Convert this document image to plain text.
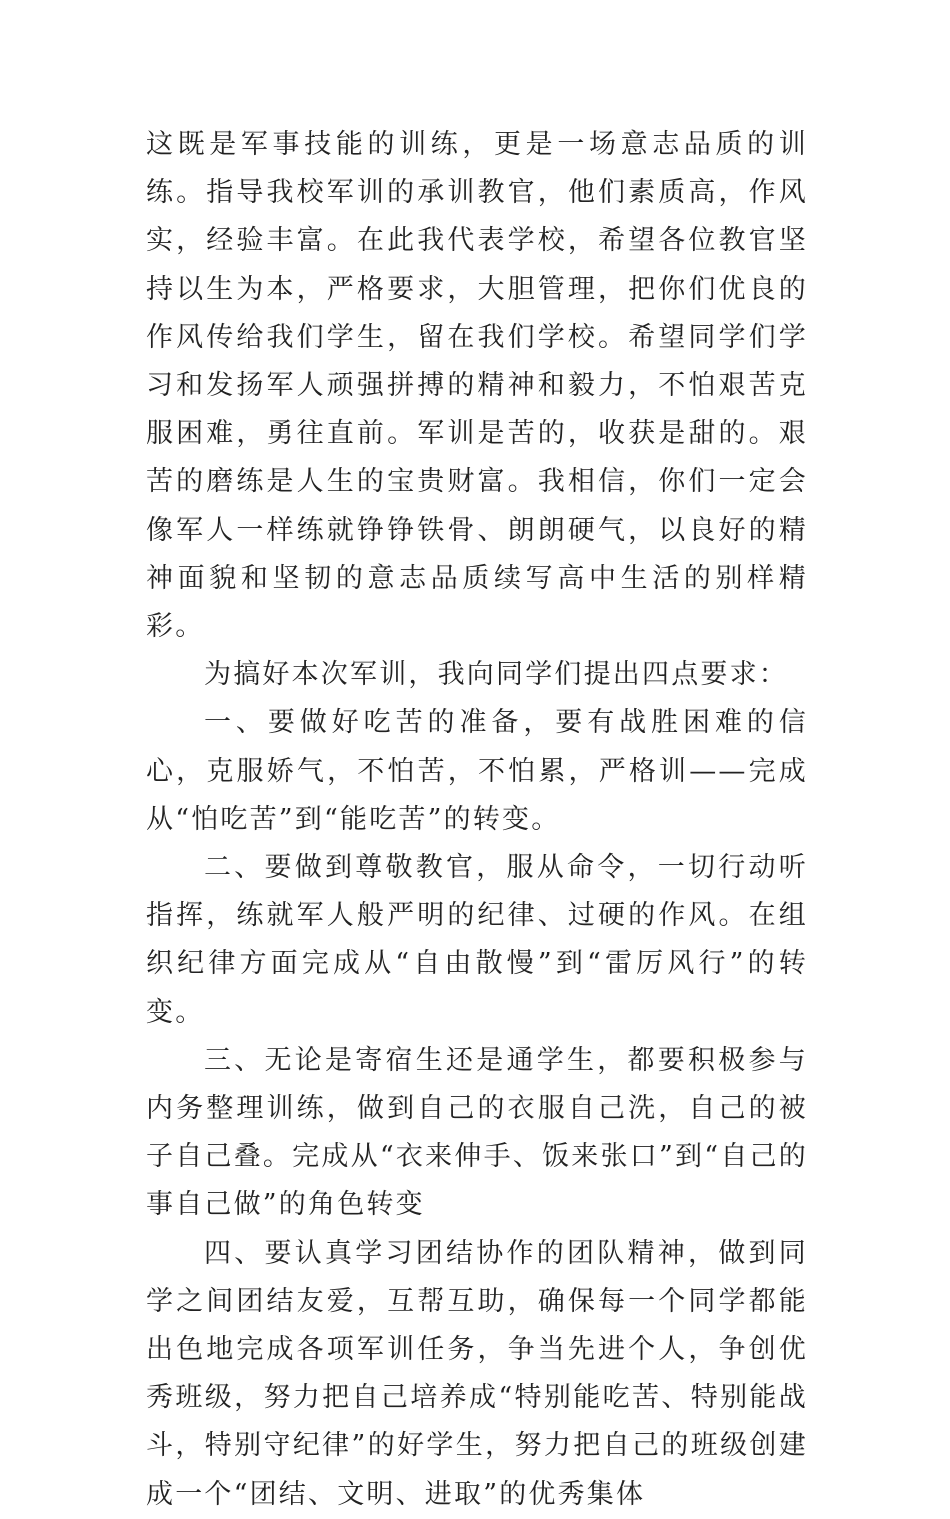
这既是军事技能的训练，更是一场意志品质的训练。指导我校军训的承训教官，他们素质高，作风实，经验丰富。在此我代表学校，希望各位教官坚持以生为本，严格要求，大胆管理，把你们优良的作风传给我们学生，留在我们学校。希望同学们学习和发扬军人顽强拼搏的精神和毅力，不怕艰苦克服困难，勇往直前。军训是苦的，收获是甜的。艰苦的磨练是人生的宝贵财富。我相信，你们一定会像军人一样练就铮铮铁骨、朗朗硬气，以良好的精神面貌和坚韧的意志品质续写高中生活的别样精彩。

为搞好本次军训，我向同学们提出四点要求：

一、要做好吃苦的准备，要有战胜困难的信心，克服娇气，不怕苦，不怕累，严格训——完成从“怕吃苦”到“能吃苦”的转变。

二、要做到尊敬教官，服从命令，一切行动听指挥，练就军人般严明的纪律、过硬的作风。在组织纪律方面完成从“自由散慢”到“雷厉风行”的转变。

三、无论是寄宿生还是通学生，都要积极参与内务整理训练，做到自己的衣服自己洗，自己的被子自己叠。完成从“衣来伸手、饭来张口”到“自己的事自己做”的角色转变

四、要认真学习团结协作的团队精神，做到同学之间团结友爱，互帮互助，确保每一个同学都能出色地完成各项军训任务，争当先进个人，争创优秀班级，努力把自己培养成“特别能吃苦、特别能战斗，特别守纪律”的好学生，努力把自己的班级创建成一个“团结、文明、进取”的优秀集体
